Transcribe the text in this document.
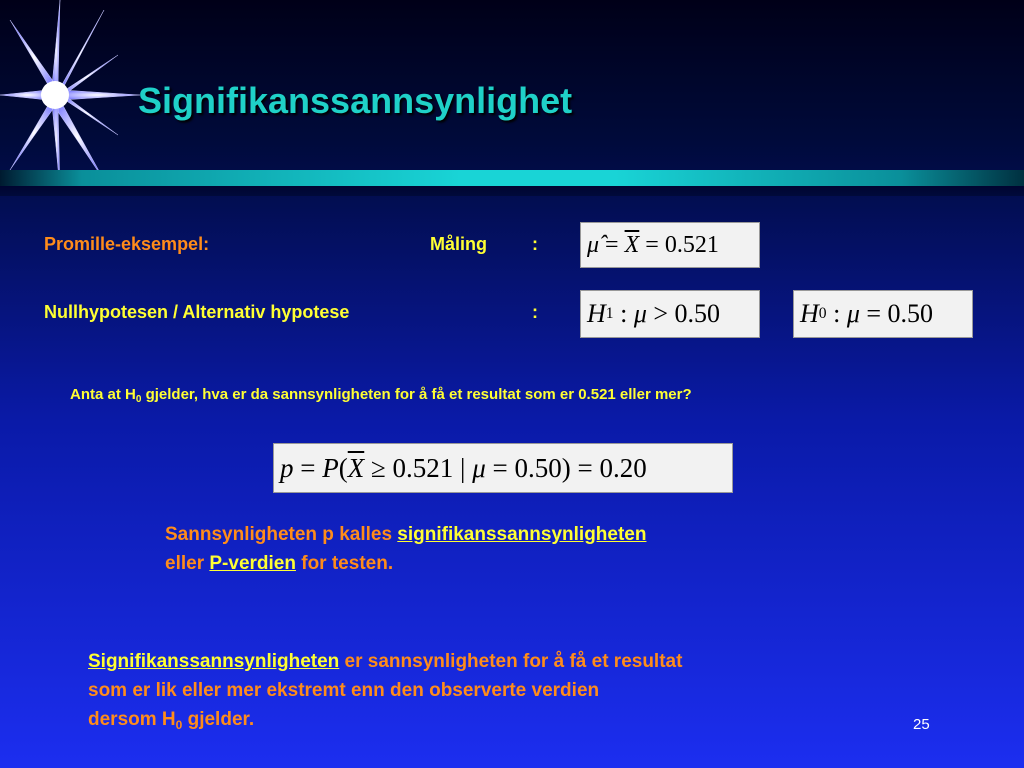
Signifikanssannsynlighet
Promille-eksempel:	Måling	: μ̂ = $\overline{X} = 0.521$
Nullhypotesen / Alternativ hypotese	: H 1 : μ > 0.50	H 0 : μ = 0.50
Anta at $H_0$ gjelder, hva er da sannsynligheten for å få et resultat som er 0.521 eller mer?
p = P ( $\overline{X} \ge 0.521$ | μ = 0.50) = 0.20
Sannsynligheten p kalles signifikanssannsynligheten
eller P-verdien for testen.
Signifikanssannsynligheten er sannsynligheten for å få et resultat
som er lik eller mer ekstremt enn den observerte verdien
dersom $H_0$ gjelder.	25
